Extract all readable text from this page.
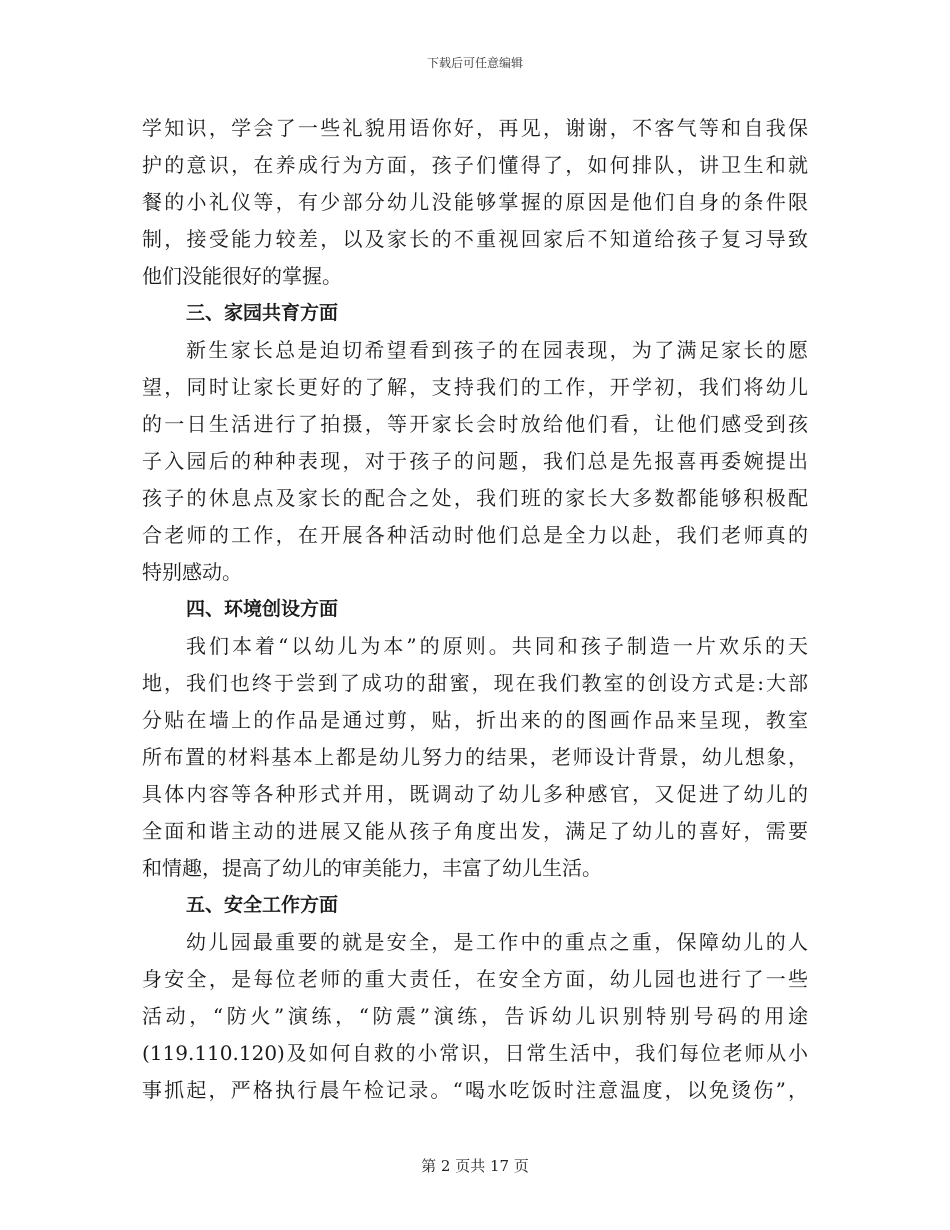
下载后可任意编辑
学知识，学会了一些礼貌用语你好，再见，谢谢，不客气等和自我保
护的意识，在养成行为方面，孩子们懂得了，如何排队，讲卫生和就
餐的小礼仪等，有少部分幼儿没能够掌握的原因是他们自身的条件限
制，接受能力较差，以及家长的不重视回家后不知道给孩子复习导致
他们没能很好的掌握。
三、家园共育方面
新生家长总是迫切希望看到孩子的在园表现，为了满足家长的愿
望，同时让家长更好的了解，支持我们的工作，开学初，我们将幼儿
的一日生活进行了拍摄，等开家长会时放给他们看，让他们感受到孩
子入园后的种种表现，对于孩子的问题，我们总是先报喜再委婉提出
孩子的休息点及家长的配合之处，我们班的家长大多数都能够积极配
合老师的工作，在开展各种活动时他们总是全力以赴，我们老师真的
特别感动。
四、环境创设方面
我们本着“以幼儿为本”的原则。共同和孩子制造一片欢乐的天
地，我们也终于尝到了成功的甜蜜，现在我们教室的创设方式是:大部
分贴在墙上的作品是通过剪，贴，折出来的的图画作品来呈现，教室
所布置的材料基本上都是幼儿努力的结果，老师设计背景，幼儿想象，
具体内容等各种形式并用，既调动了幼儿多种感官，又促进了幼儿的
全面和谐主动的进展又能从孩子角度出发，满足了幼儿的喜好，需要
和情趣，提高了幼儿的审美能力，丰富了幼儿生活。
五、安全工作方面
幼儿园最重要的就是安全，是工作中的重点之重，保障幼儿的人
身安全，是每位老师的重大责任，在安全方面，幼儿园也进行了一些
活动，“防火”演练，“防震”演练，告诉幼儿识别特别号码的用途
(119.110.120)及如何自救的小常识，日常生活中，我们每位老师从小
事抓起，严格执行晨午检记录。“喝水吃饭时注意温度，以免烫伤”，
第 2 页共 17 页
